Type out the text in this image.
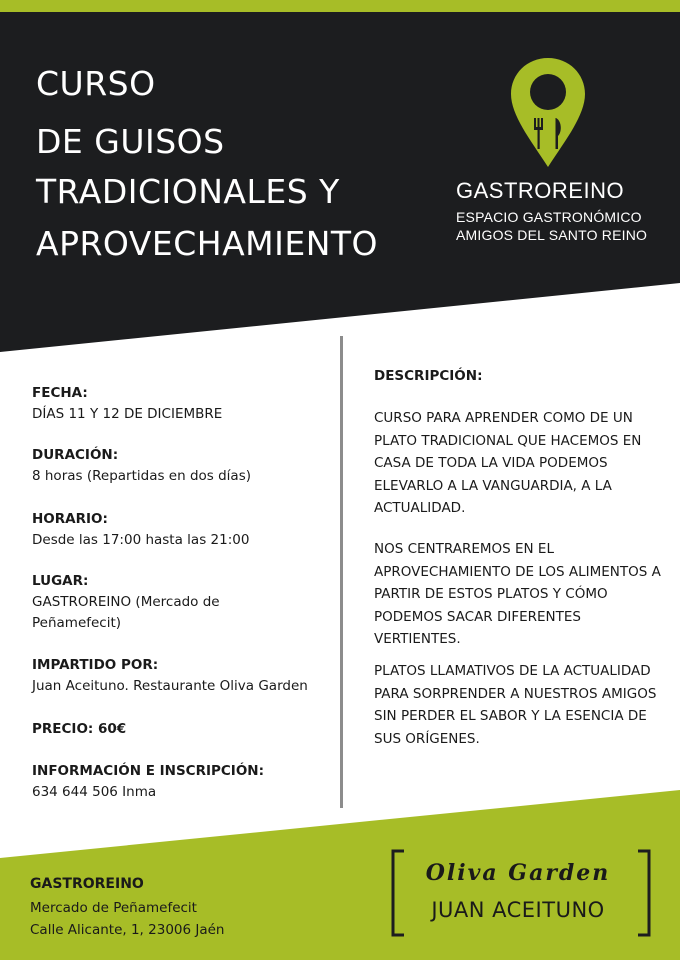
CURSO
DE GUISOS
TRADICIONALES Y
APROVECHAMIENTO
GASTROREINO
ESPACIO GASTRONÓMICO
AMIGOS DEL SANTO REINO
FECHA:
DÍAS 11 Y 12 DE DICIEMBRE
DURACIÓN:
8 horas (Repartidas en dos días)
HORARIO:
Desde las 17:00 hasta las 21:00
LUGAR:
GASTROREINO (Mercado de Peñamefecit)
IMPARTIDO POR:
Juan Aceituno. Restaurante Oliva Garden
PRECIO: 60€
INFORMACIÓN E INSCRIPCIÓN:
634 644 506 Inma
DESCRIPCIÓN:
CURSO PARA APRENDER COMO DE UN PLATO TRADICIONAL QUE HACEMOS EN CASA DE TODA LA VIDA PODEMOS ELEVARLO A LA VANGUARDIA, A LA ACTUALIDAD.
NOS CENTRAREMOS EN EL APROVECHAMIENTO DE LOS ALIMENTOS A PARTIR DE ESTOS PLATOS Y CÓMO PODEMOS SACAR DIFERENTES VERTIENTES.
PLATOS LLAMATIVOS DE LA ACTUALIDAD PARA SORPRENDER A NUESTROS AMIGOS SIN PERDER EL SABOR Y LA ESENCIA DE SUS ORÍGENES.
GASTROREINO
Mercado de Peñamefecit
Calle Alicante, 1, 23006 Jaén
Oliva Garden
JUAN ACEITUNO
